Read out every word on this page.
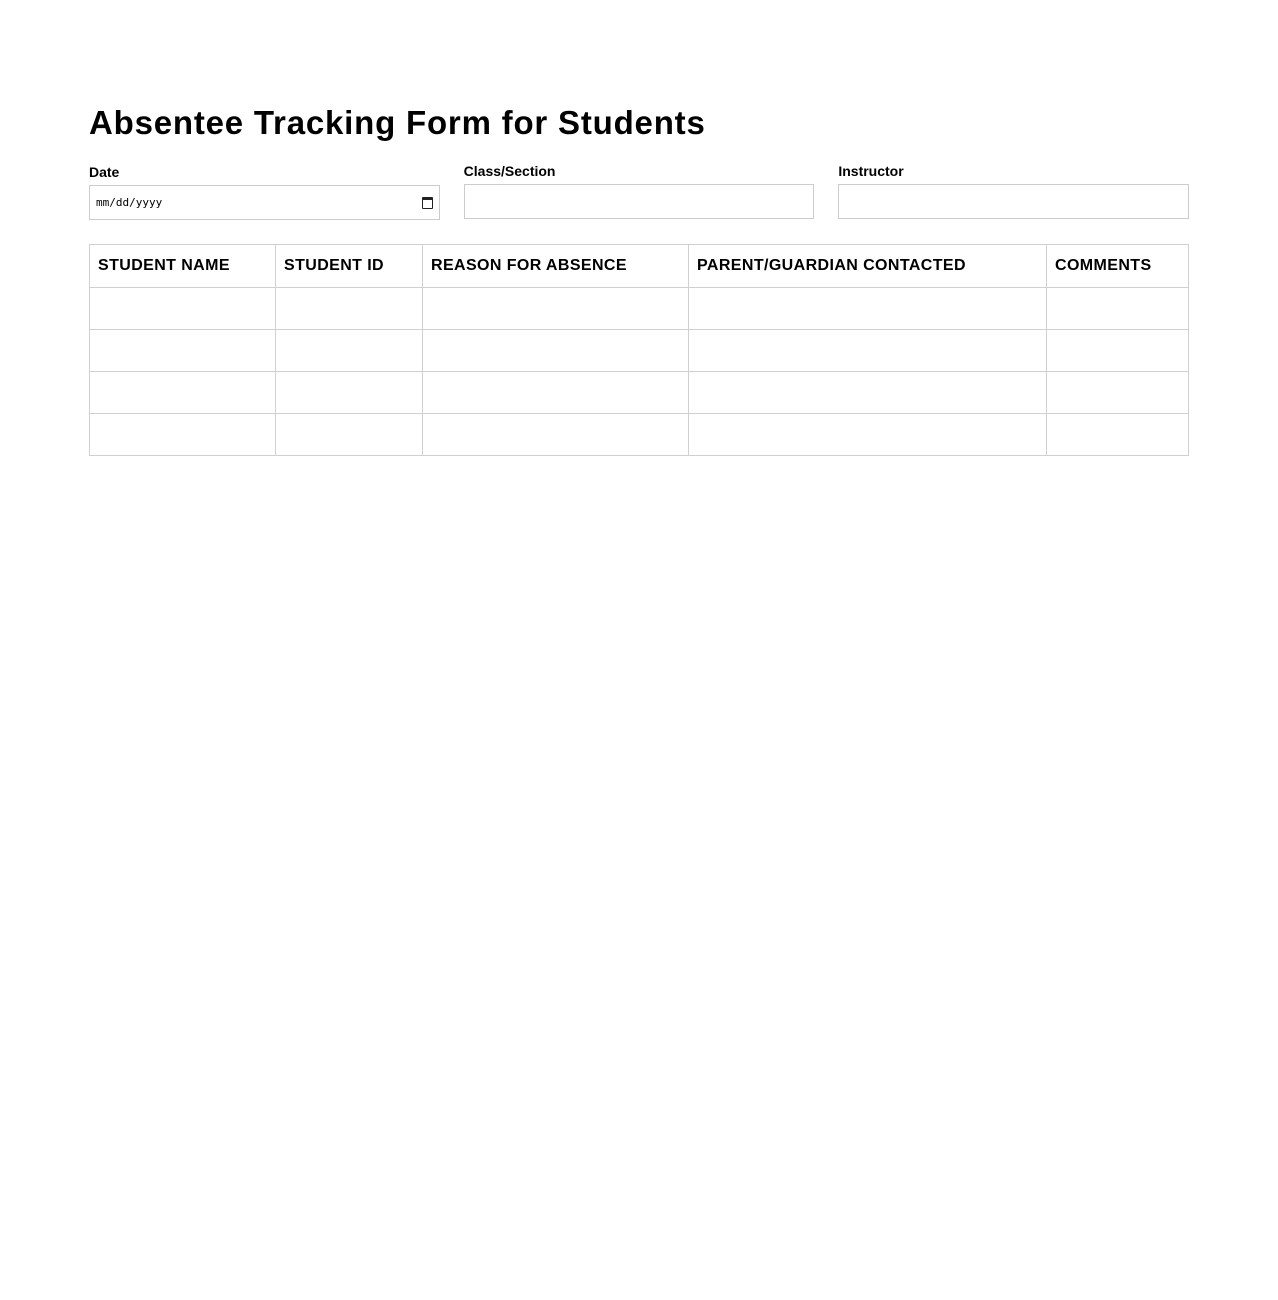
Absentee Tracking Form for Students
Date
mm/dd/yyyy
Class/Section	Instructor
STUDENT NAME	STUDENT ID	REASON FOR ABSENCE	PARENT/GUARDIAN CONTACTED	COMMENTS
